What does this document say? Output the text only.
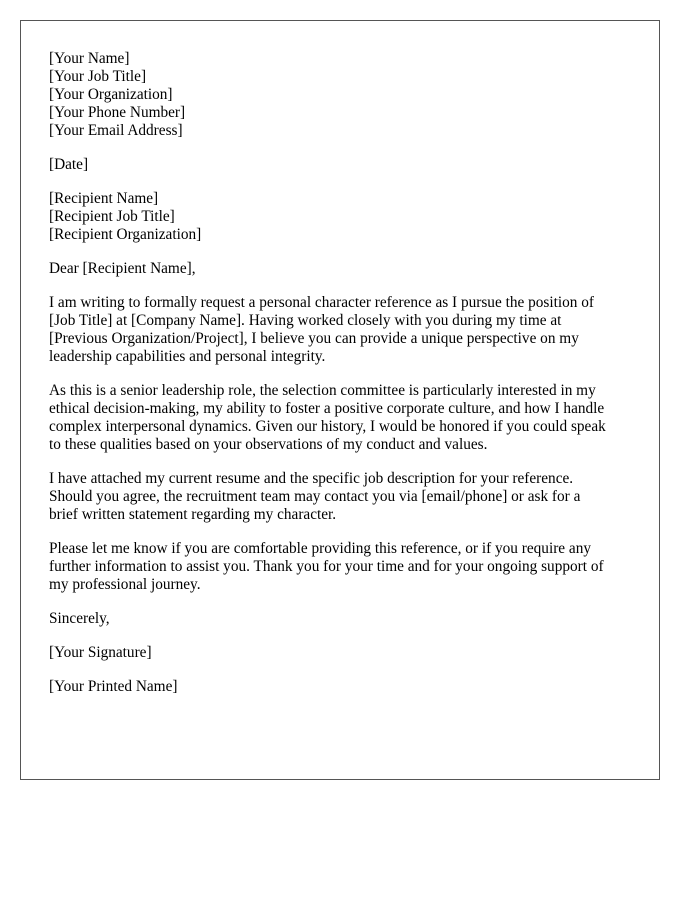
[Your Name]
[Your Job Title]
[Your Organization]
[Your Phone Number]
[Your Email Address]
[Date]
[Recipient Name]
[Recipient Job Title]
[Recipient Organization]
Dear [Recipient Name],
I am writing to formally request a personal character reference as I pursue the position of
[Job Title] at [Company Name]. Having worked closely with you during my time at
[Previous Organization/Project], I believe you can provide a unique perspective on my
leadership capabilities and personal integrity.
As this is a senior leadership role, the selection committee is particularly interested in my
ethical decision-making, my ability to foster a positive corporate culture, and how I handle
complex interpersonal dynamics. Given our history, I would be honored if you could speak
to these qualities based on your observations of my conduct and values.
I have attached my current resume and the specific job description for your reference.
Should you agree, the recruitment team may contact you via [email/phone] or ask for a
brief written statement regarding my character.
Please let me know if you are comfortable providing this reference, or if you require any
further information to assist you. Thank you for your time and for your ongoing support of
my professional journey.
Sincerely,
[Your Signature]
[Your Printed Name]
